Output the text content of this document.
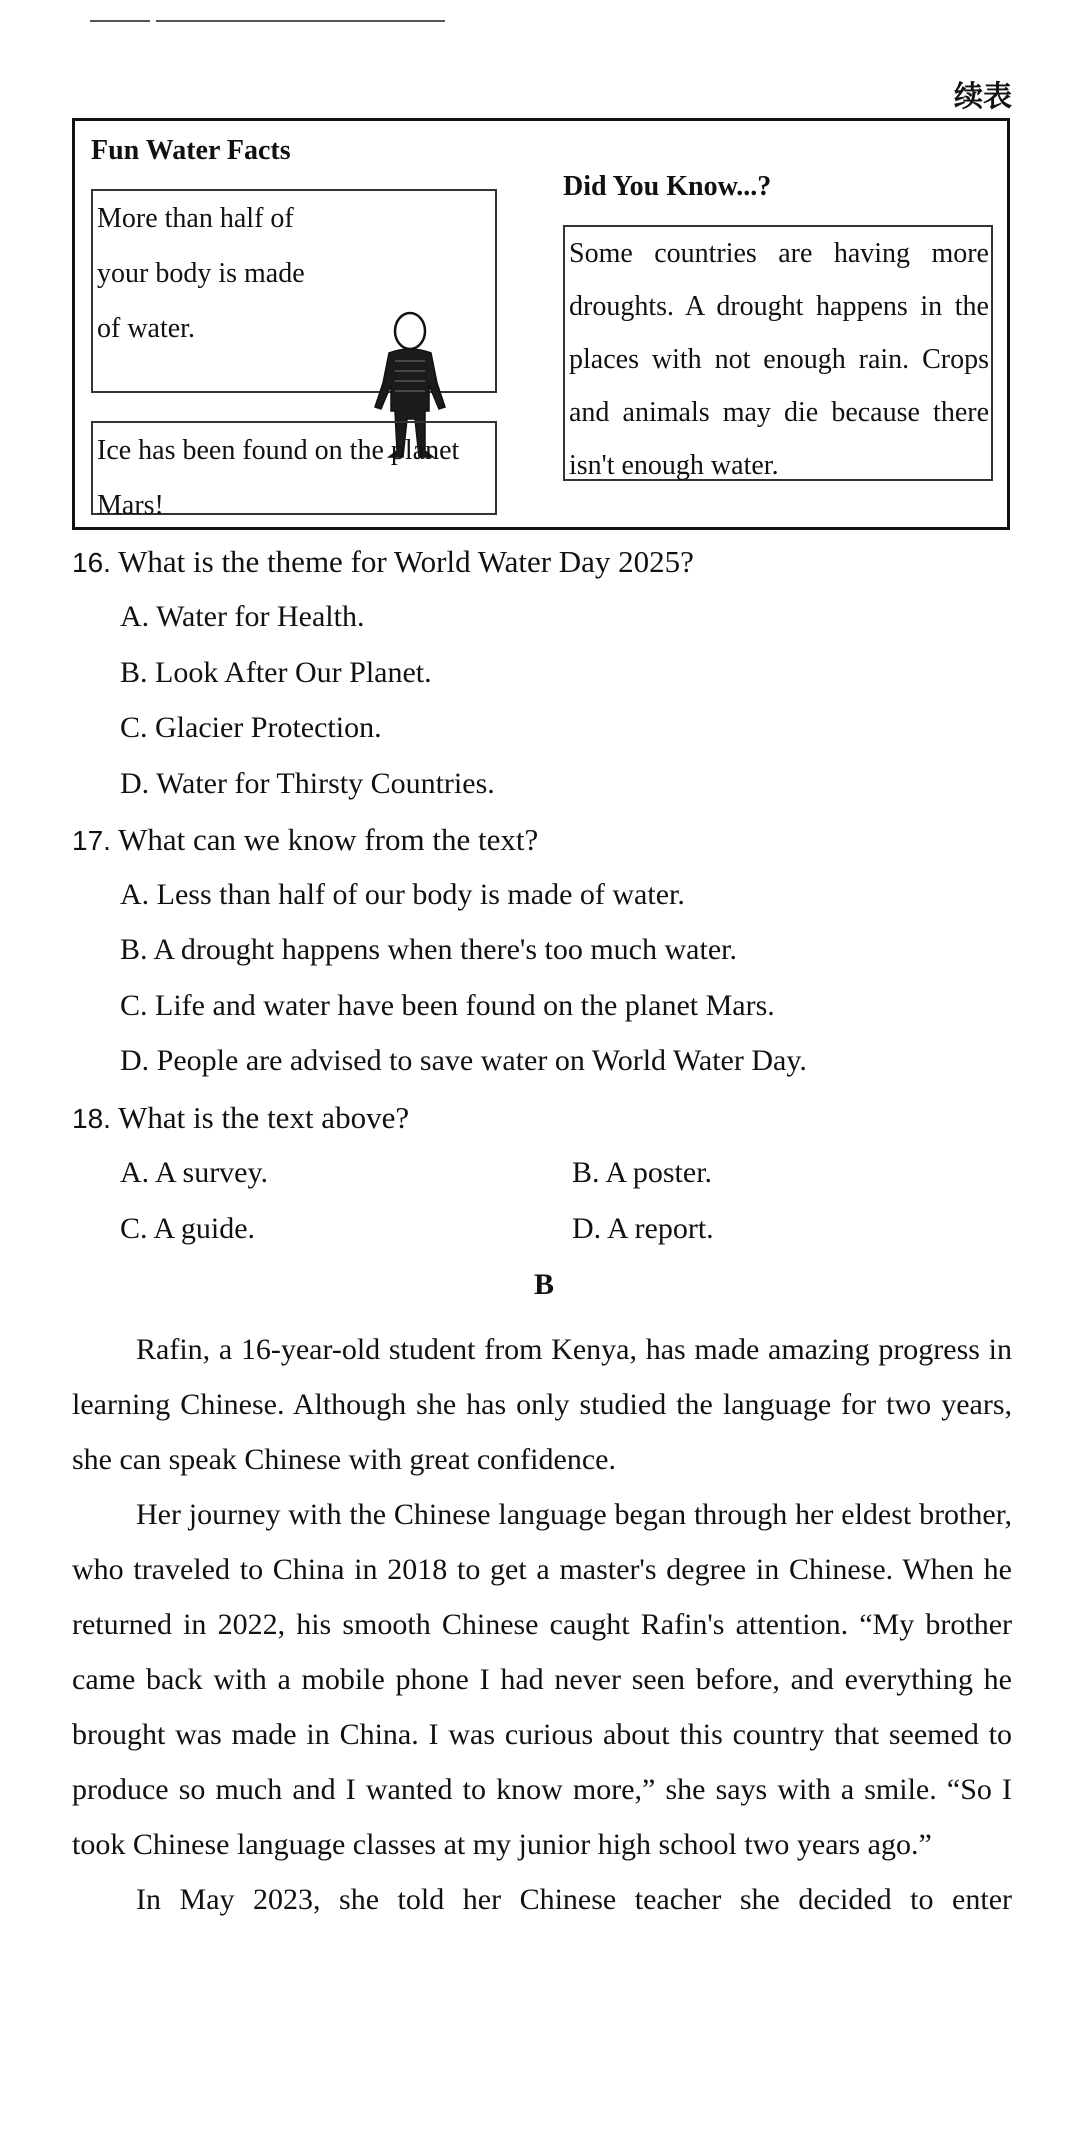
续表
Fun Water Facts
More than half of your body is made of water.
Ice has been found on the planet Mars!
Did You Know...?
Some countries are having more droughts. A drought happens in the places with not enough rain. Crops and animals may die because there isn't enough water.
16. What is the theme for World Water Day 2025?
A. Water for Health.
B. Look After Our Planet.
C. Glacier Protection.
D. Water for Thirsty Countries.
17. What can we know from the text?
A. Less than half of our body is made of water.
B. A drought happens when there's too much water.
C. Life and water have been found on the planet Mars.
D. People are advised to save water on World Water Day.
18. What is the text above?
A. A survey.	B. A poster.
C. A guide.	D. A report.
B

Rafin, a 16-year-old student from Kenya, has made amazing progress in learning Chinese. Although she has only studied the language for two years, she can speak Chinese with great confidence.

Her journey with the Chinese language began through her eldest brother, who traveled to China in 2018 to get a master's degree in Chinese. When he returned in 2022, his smooth Chinese caught Rafin's attention. “My brother came back with a mobile phone I had never seen before, and everything he brought was made in China. I was curious about this country that seemed to produce so much and I wanted to know more,” she says with a smile. “So I took Chinese language classes at my junior high school two years ago.”

In May 2023, she told her Chinese teacher she decided to enter
